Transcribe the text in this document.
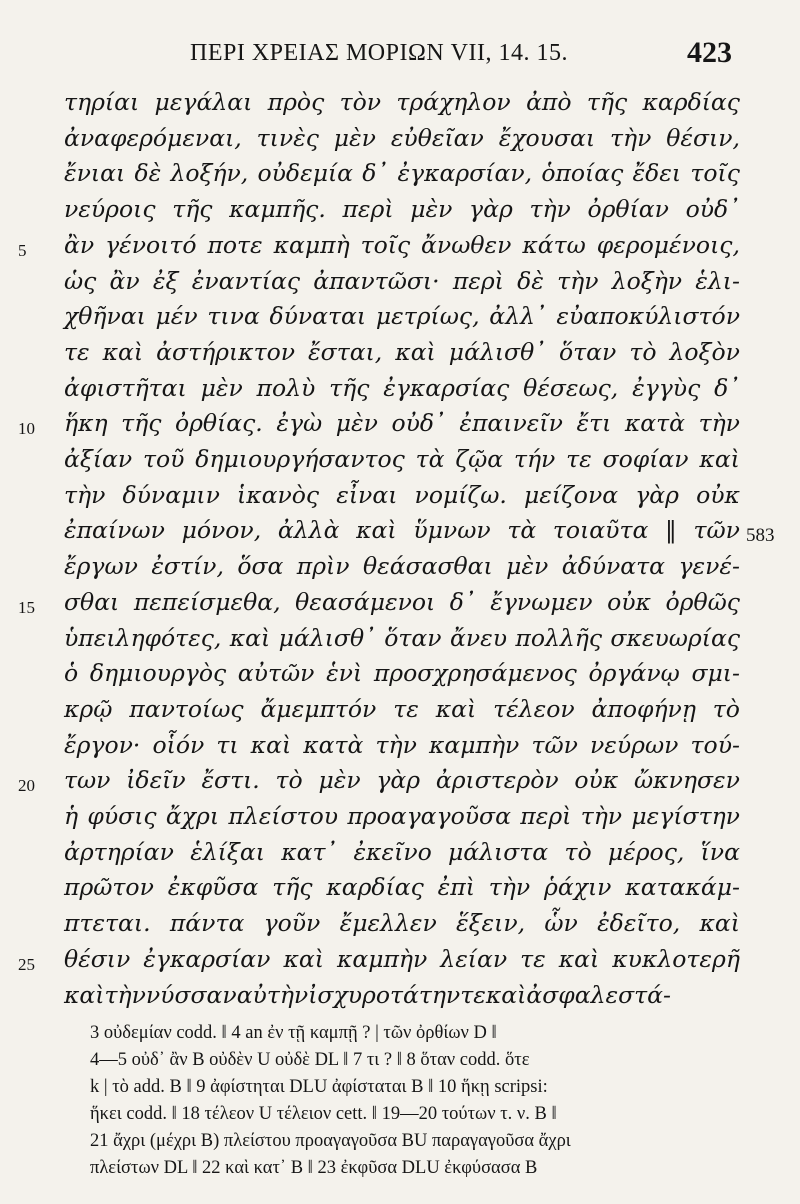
ΠΕΡΙ ΧΡΕΙΑΣ ΜΟΡΙΩΝ VII, 14. 15.	423
τηρίαι μεγάλαι πρὸς τὸν τράχηλον ἀπὸ τῆς καρδίας
ἀναφερόμεναι, τινὲς μὲν εὐθεῖαν ἔχουσαι τὴν θέσιν,
ἔνιαι δὲ λοξήν, οὐδεμία δ᾽ ἐγκαρσίαν, ὁποίας ἔδει τοῖς
νεύροις τῆς καμπῆς. περὶ μὲν γὰρ τὴν ὀρθίαν οὐδ᾽
ἂν γένοιτό ποτε καμπὴ τοῖς ἄνωθεν κάτω φερομένοις,
5
ὡς ἂν ἐξ ἐναντίας ἀπαντῶσι· περὶ δὲ τὴν λοξὴν ἑλι-
χθῆναι μέν τινα δύναται μετρίως, ἀλλ᾽ εὐαποκύλιστόν
τε καὶ ἀστήρικτον ἔσται, καὶ μάλισθ᾽ ὅταν τὸ λοξὸν
ἀφιστῆται μὲν πολὺ τῆς ἐγκαρσίας θέσεως, ἐγγὺς δ᾽
ἥκη τῆς ὀρθίας. ἐγὼ μὲν οὐδ᾽ ἐπαινεῖν ἔτι κατὰ τὴν
10
ἀξίαν τοῦ δημιουργήσαντος τὰ ζῷα τήν τε σοφίαν καὶ
τὴν δύναμιν ἱκανὸς εἶναι νομίζω. μείζονα γὰρ οὐκ
ἐπαίνων μόνον, ἀλλὰ καὶ ὕμνων τὰ τοιαῦτα ‖ τῶν 583
ἔργων ἐστίν, ὅσα πρὶν θεάσασθαι μὲν ἀδύνατα γενέ-
σθαι πεπείσμεθα, θεασάμενοι δ᾽ ἔγνωμεν οὐκ ὀρθῶς
15
ὑπειληφότες, καὶ μάλισθ᾽ ὅταν ἄνευ πολλῆς σκευωρίας
ὁ δημιουργὸς αὐτῶν ἑνὶ προσχρησάμενος ὀργάνῳ σμι-
κρῷ παντοίως ἄμεμπτόν τε καὶ τέλεον ἀποφήνῃ τὸ
ἔργον· οἷόν τι καὶ κατὰ τὴν καμπὴν τῶν νεύρων τού-
των ἰδεῖν ἔστι. τὸ μὲν γὰρ ἀριστερὸν οὐκ ὤκνησεν
20
ἡ φύσις ἄχρι πλείστου προαγαγοῦσα περὶ τὴν μεγίστην
ἀρτηρίαν ἑλίξαι κατ᾽ ἐκεῖνο μάλιστα τὸ μέρος, ἵνα
πρῶτον ἐκφῦσα τῆς καρδίας ἐπὶ τὴν ῥάχιν κατακάμ-
πτεται. πάντα γοῦν ἔμελλεν ἕξειν, ὧν ἐδεῖτο, καὶ
θέσιν ἐγκαρσίαν καὶ καμπὴν λείαν τε καὶ κυκλοτερῆ
25
καὶ τὴν νύσσαν αὐτὴν ἰσχυροτάτην τε καὶ ἀσφαλεστά-
3 οὐδεμίαν codd. ‖ 4 an ἐν τῇ καμπῇ ? | τῶν ὀρθίων D ‖
4—5 οὐδ᾽ ἂν B οὐδὲν U οὐδὲ DL ‖ 7 τι ? ‖ 8 ὅταν codd. ὅτε
k | τὸ add. B ‖ 9 ἀφίστηται DLU ἀφίσταται B ‖ 10 ἥκῃ scripsi:
ἥκει codd. ‖ 18 τέλεον U τέλειον cett. ‖ 19—20 τούτων τ. ν. B ‖
21 ἄχρι (μέχρι B) πλείστου προαγαγοῦσα BU παραγαγοῦσα ἄχρι
πλείστων DL ‖ 22 καὶ κατ᾽ B ‖ 23 ἐκφῦσα DLU ἐκφύσασα B
